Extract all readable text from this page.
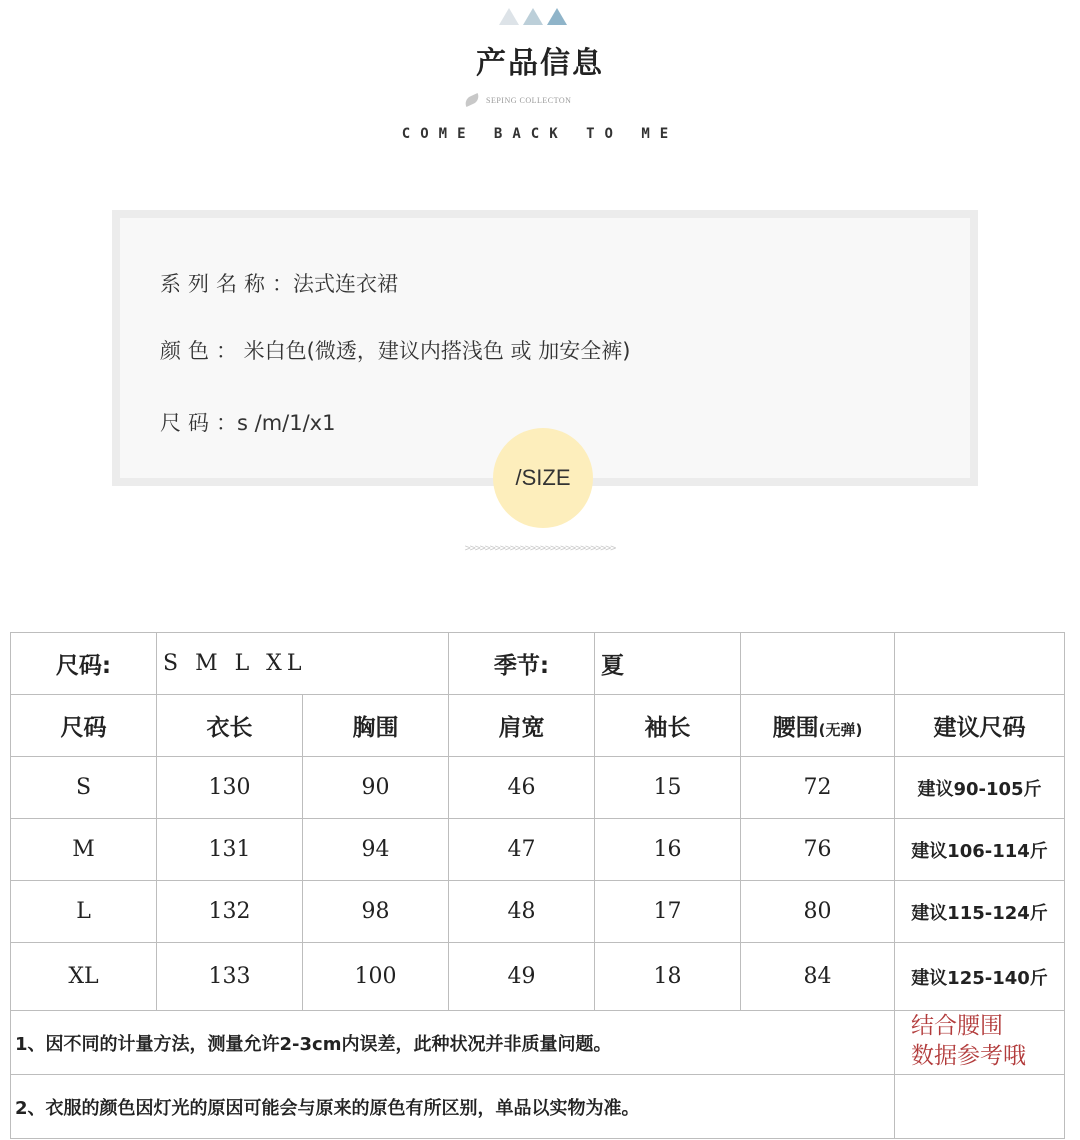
产品信息
SEPING COLLECTON
COME BACK TO ME
系列名称：法式连衣裙
颜色： 米白色(微透，建议内搭浅色 或 加安全裤)
尺码：s /m/1/x1
/SIZE
>>>>>>>>>>>>>>>>>>>>>>>>>>>>>>
尺码:	S M L XL		季节:	夏		
尺码	衣长	胸围	肩宽	袖长	腰围(无弹)	建议尺码
S	130	90	46	15	72	建议90-105斤
M	131	94	47	16	76	建议106-114斤
L	132	98	48	17	80	建议115-124斤
XL	133	100	49	18	84	建议125-140斤
1、因不同的计量方法，测量允许2-3cm内误差，此种状况并非质量问题。						结合腰围
数据参考哦

2、衣服的颜色因灯光的原因可能会与原来的原色有所区别，单品以实物为准。						
